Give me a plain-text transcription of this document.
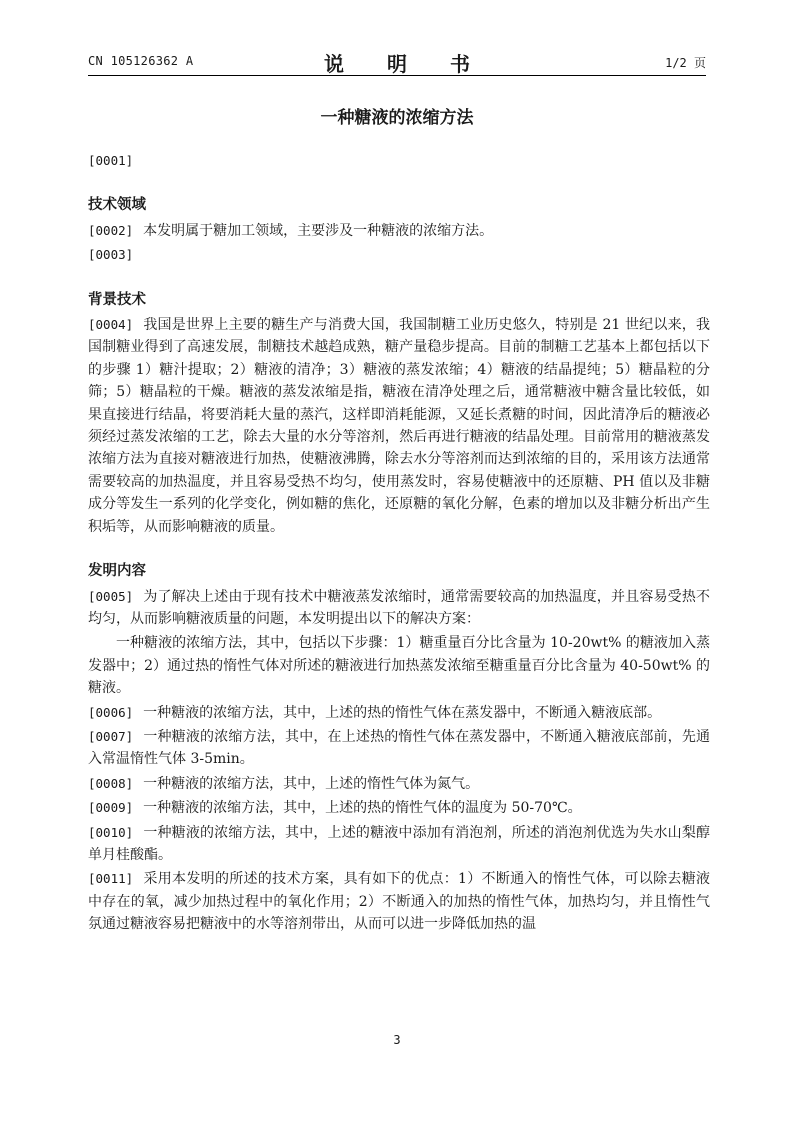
CN 105126362 A	说 明 书	1/2 页
一种糖液的浓缩方法

[0001]

技术领域

[0002] 本发明属于糖加工领域，主要涉及一种糖液的浓缩方法。

[0003]

背景技术

[0004] 我国是世界上主要的糖生产与消费大国，我国制糖工业历史悠久，特别是 21 世纪以来，我国制糖业得到了高速发展，制糖技术越趋成熟，糖产量稳步提高。目前的制糖工艺基本上都包括以下的步骤 1）糖汁提取；2）糖液的清净；3）糖液的蒸发浓缩；4）糖液的结晶提纯；5）糖晶粒的分筛；5）糖晶粒的干燥。糖液的蒸发浓缩是指，糖液在清净处理之后，通常糖液中糖含量比较低，如果直接进行结晶，将要消耗大量的蒸汽，这样即消耗能源，又延长煮糖的时间，因此清净后的糖液必须经过蒸发浓缩的工艺，除去大量的水分等溶剂，然后再进行糖液的结晶处理。目前常用的糖液蒸发浓缩方法为直接对糖液进行加热，使糖液沸腾，除去水分等溶剂而达到浓缩的目的，采用该方法通常需要较高的加热温度，并且容易受热不均匀，使用蒸发时，容易使糖液中的还原糖、PH 值以及非糖成分等发生一系列的化学变化，例如糖的焦化，还原糖的氧化分解，色素的增加以及非糖分析出产生积垢等，从而影响糖液的质量。

发明内容

[0005] 为了解决上述由于现有技术中糖液蒸发浓缩时，通常需要较高的加热温度，并且容易受热不均匀，从而影响糖液质量的问题，本发明提出以下的解决方案：

一种糖液的浓缩方法，其中，包括以下步骤：1）糖重量百分比含量为 10-20wt% 的糖液加入蒸发器中；2）通过热的惰性气体对所述的糖液进行加热蒸发浓缩至糖重量百分比含量为 40-50wt% 的糖液。

[0006] 一种糖液的浓缩方法，其中，上述的热的惰性气体在蒸发器中，不断通入糖液底部。

[0007] 一种糖液的浓缩方法，其中，在上述热的惰性气体在蒸发器中，不断通入糖液底部前，先通入常温惰性气体 3-5min。

[0008] 一种糖液的浓缩方法，其中，上述的惰性气体为氮气。

[0009] 一种糖液的浓缩方法，其中，上述的热的惰性气体的温度为 50-70℃。

[0010] 一种糖液的浓缩方法，其中，上述的糖液中添加有消泡剂，所述的消泡剂优选为失水山梨醇单月桂酸酯。

[0011] 采用本发明的所述的技术方案，具有如下的优点：1）不断通入的惰性气体，可以除去糖液中存在的氧，减少加热过程中的氧化作用；2）不断通入的加热的惰性气体，加热均匀，并且惰性气氛通过糖液容易把糖液中的水等溶剂带出，从而可以进一步降低加热的温

3
